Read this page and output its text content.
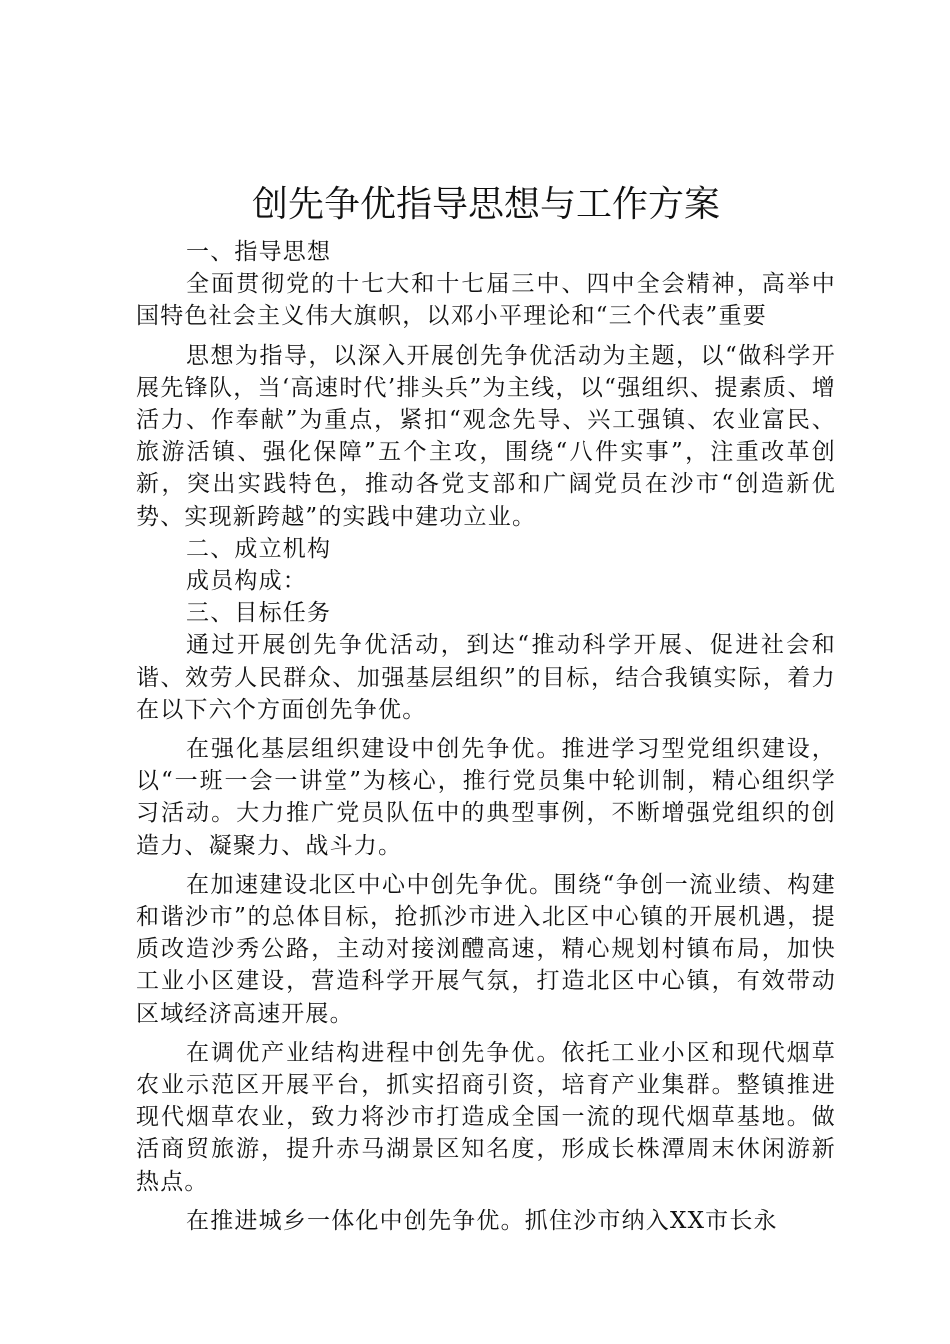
创先争优指导思想与工作方案

一、指导思想

全面贯彻党的十七大和十七届三中、四中全会精神，高举中国特色社会主义伟大旗帜，以邓小平理论和“三个代表”重要

思想为指导，以深入开展创先争优活动为主题，以“做科学开展先锋队，当‘高速时代’排头兵”为主线，以“强组织、提素质、增活力、作奉献”为重点，紧扣“观念先导、兴工强镇、农业富民、旅游活镇、强化保障”五个主攻，围绕“八件实事”，注重改革创新，突出实践特色，推动各党支部和广阔党员在沙市“创造新优势、实现新跨越”的实践中建功立业。

二、成立机构

成员构成：

三、目标任务

通过开展创先争优活动，到达“推动科学开展、促进社会和谐、效劳人民群众、加强基层组织”的目标，结合我镇实际，着力在以下六个方面创先争优。

在强化基层组织建设中创先争优。推进学习型党组织建设，以“一班一会一讲堂”为核心，推行党员集中轮训制，精心组织学习活动。大力推广党员队伍中的典型事例，不断增强党组织的创造力、凝聚力、战斗力。

在加速建设北区中心中创先争优。围绕“争创一流业绩、构建和谐沙市”的总体目标，抢抓沙市进入北区中心镇的开展机遇，提质改造沙秀公路，主动对接浏醴高速，精心规划村镇布局，加快工业小区建设，营造科学开展气氛，打造北区中心镇，有效带动区域经济高速开展。

在调优产业结构进程中创先争优。依托工业小区和现代烟草农业示范区开展平台，抓实招商引资，培育产业集群。整镇推进现代烟草农业，致力将沙市打造成全国一流的现代烟草基地。做活商贸旅游，提升赤马湖景区知名度，形成长株潭周末休闲游新热点。

在推进城乡一体化中创先争优。抓住沙市纳入XX市长永
